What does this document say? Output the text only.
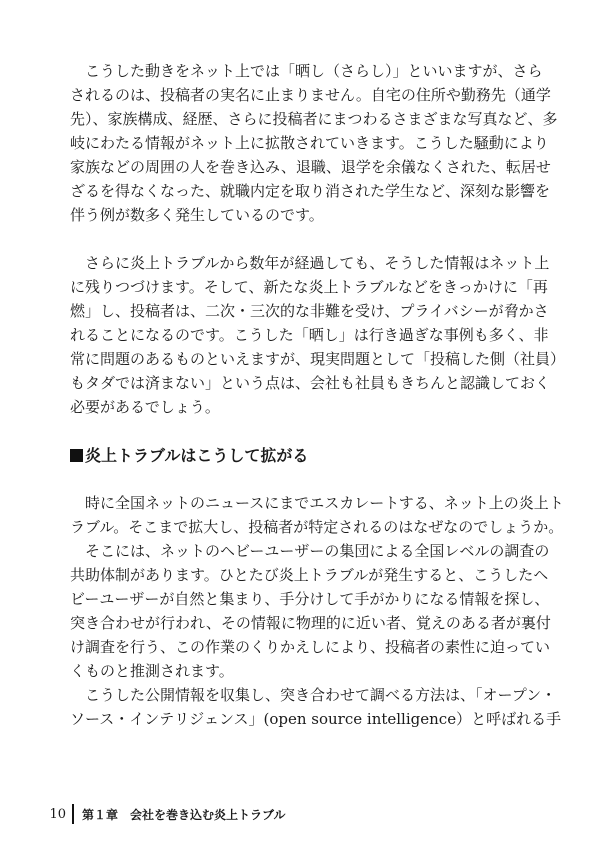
　こうした動きをネット上では「晒し（さらし）」といいますが、さら
されるのは、投稿者の実名に止まりません。自宅の住所や勤務先（通学
先）、家族構成、経歴、さらに投稿者にまつわるさまざまな写真など、多
岐にわたる情報がネット上に拡散されていきます。こうした騒動により
家族などの周囲の人を巻き込み、退職、退学を余儀なくされた、転居せ
ざるを得なくなった、就職内定を取り消された学生など、深刻な影響を
伴う例が数多く発生しているのです。
　さらに炎上トラブルから数年が経過しても、そうした情報はネット上
に残りつづけます。そして、新たな炎上トラブルなどをきっかけに「再
燃」し、投稿者は、二次・三次的な非難を受け、プライバシーが脅かさ
れることになるのです。こうした「晒し」は行き過ぎな事例も多く、非
常に問題のあるものといえますが、現実問題として「投稿した側（社員）
もタダでは済まない」という点は、会社も社員もきちんと認識しておく
必要があるでしょう。
炎上トラブルはこうして拡がる
　時に全国ネットのニュースにまでエスカレートする、ネット上の炎上ト
ラブル。そこまで拡大し、投稿者が特定されるのはなぜなのでしょうか。
　そこには、ネットのヘビーユーザーの集団による全国レベルの調査の
共助体制があります。ひとたび炎上トラブルが発生すると、こうしたヘ
ビーユーザーが自然と集まり、手分けして手がかりになる情報を探し、
突き合わせが行われ、その情報に物理的に近い者、覚えのある者が裏付
け調査を行う、この作業のくりかえしにより、投稿者の素性に迫ってい
くものと推測されます。
　こうした公開情報を収集し、突き合わせて調べる方法は、「オープン・
ソース・インテリジェンス」(open source intelligence）と呼ばれる手
10 第１章　会社を巻き込む炎上トラブル
